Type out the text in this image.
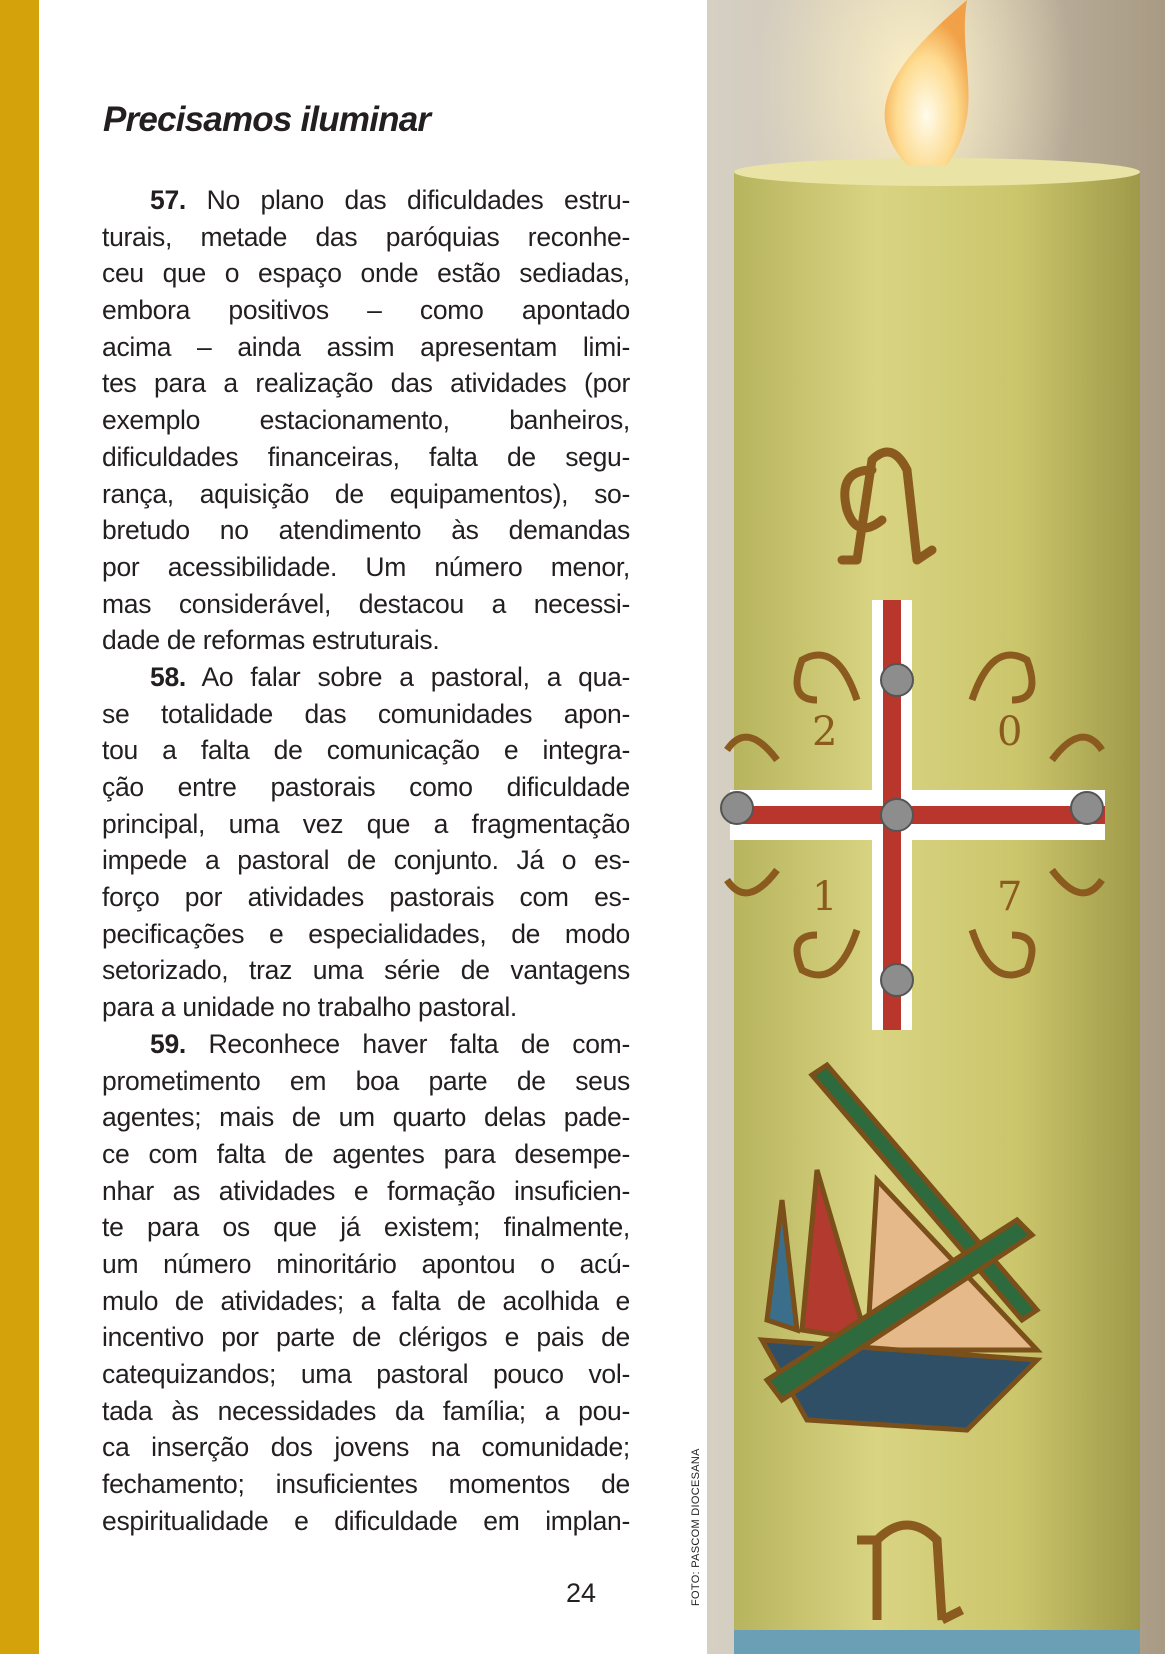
Precisamos iluminar
57. No plano das dificuldades estru-
turais, metade das paróquias reconhe-
ceu que o espaço onde estão sediadas,
embora positivos – como apontado
acima – ainda assim apresentam limi-
tes para a realização das atividades (por
exemplo estacionamento, banheiros,
dificuldades financeiras, falta de segu-
rança, aquisição de equipamentos), so-
bretudo no atendimento às demandas
por acessibilidade. Um número menor,
mas considerável, destacou a necessi-
dade de reformas estruturais.
58. Ao falar sobre a pastoral, a qua-
se totalidade das comunidades apon-
tou a falta de comunicação e integra-
ção entre pastorais como dificuldade
principal, uma vez que a fragmentação
impede a pastoral de conjunto. Já o es-
forço por atividades pastorais com es-
pecificações e especialidades, de modo
setorizado, traz uma série de vantagens
para a unidade no trabalho pastoral.
59. Reconhece haver falta de com-
prometimento em boa parte de seus
agentes; mais de um quarto delas pade-
ce com falta de agentes para desempe-
nhar as atividades e formação insuficien-
te para os que já existem; finalmente,
um número minoritário apontou o acú-
mulo de atividades; a falta de acolhida e
incentivo por parte de clérigos e pais de
catequizandos; uma pastoral pouco vol-
tada às necessidades da família; a pou-
ca inserção dos jovens na comunidade;
fechamento; insuficientes momentos de
espiritualidade e dificuldade em implan-
24
2	0
1	7
FOTO: PASCOM DIOCESANA
